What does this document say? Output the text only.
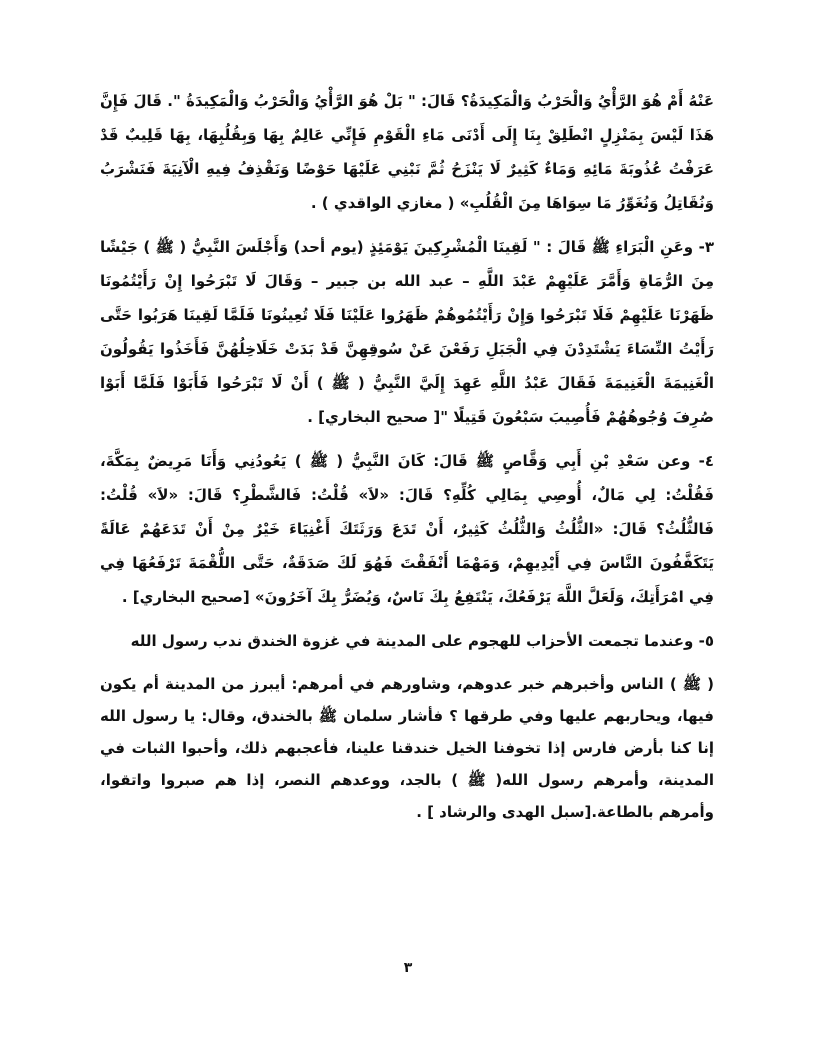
عَنْهُ أَمْ هُوَ الرَّأْيُ وَالْحَرْبُ وَالْمَكِيدَةُ؟ قَالَ: " بَلْ هُوَ الرَّأْيُ وَالْحَرْبُ وَالْمَكِيدَةُ ". قَالَ فَإِنَّ هَذَا لَيْسَ بِمَنْزِلٍ انْطَلِقْ بِنَا إِلَى أَدْنَى مَاءِ الْقَوْمِ فَإِنِّي عَالِمٌ بِهَا وَبِقُلُبِهَا، بِهَا قَلِيبٌ قَدْ عَرَفْتُ عُذُوبَةَ مَائِهِ وَمَاءٌ كَثِيرٌ لَا يَنْزَحُ ثُمَّ نَبْنِي عَلَيْهَا حَوْضًا وَنَقْذِفُ فِيهِ الْآنِيَةَ فَنَشْرَبُ وَنُقَاتِلُ وَنُغَوِّرُ مَا سِوَاهَا مِنَ الْقُلُبِ» ( مغازي الواقدي ) .

٣- وعَنِ الْبَرَاءِ ﷺ قَالَ : " لَقِينَا الْمُشْرِكِينَ يَوْمَئِذٍ (يوم أحد) وَأَجْلَسَ النَّبِيُّ ( ﷺ ) جَيْشًا مِنَ الرُّمَاةِ وَأَمَّرَ عَلَيْهِمْ عَبْدَ اللَّهِ – عبد الله بن جبير – وَقَالَ لَا تَبْرَحُوا إِنْ رَأَيْتُمُونَا ظَهَرْنَا عَلَيْهِمْ فَلَا تَبْرَحُوا وَإِنْ رَأَيْتُمُوهُمْ ظَهَرُوا عَلَيْنَا فَلَا تُعِينُونَا فَلَمَّا لَقِينَا هَرَبُوا حَتَّى رَأَيْتُ النِّسَاءَ يَشْتَدِدْنَ فِي الْجَبَلِ رَفَعْنَ عَنْ سُوقِهِنَّ قَدْ بَدَتْ خَلَاخِلُهُنَّ فَأَخَذُوا يَقُولُونَ الْغَنِيمَةَ الْغَنِيمَةَ فَقَالَ عَبْدُ اللَّهِ عَهِدَ إِلَيَّ النَّبِيُّ ( ﷺ ) أَنْ لَا تَبْرَحُوا فَأَبَوْا فَلَمَّا أَبَوْا صُرِفَ وُجُوهُهُمْ فَأُصِيبَ سَبْعُونَ قَتِيلًا "[ صحيح البخاري] .

٤- وعن سَعْدِ بْنِ أَبِي وَقَّاصٍ ﷺ قَالَ: كَانَ النَّبِيُّ ( ﷺ ) يَعُودُنِي وَأَنَا مَرِيضٌ بِمَكَّةَ، فَقُلْتُ: لِي مَالٌ، أُوصِي بِمَالِي كُلِّهِ؟ قَالَ: «لاَ» قُلْتُ: فَالشَّطْرِ؟ قَالَ: «لاَ» قُلْتُ: فَالثُّلُثُ؟ قَالَ: «الثُّلُثُ وَالثُّلُثُ كَثِيرٌ، أَنْ تَدَعَ وَرَثَتَكَ أَغْنِيَاءَ خَيْرٌ مِنْ أَنْ تَدَعَهُمْ عَالَةً يَتَكَفَّفُونَ النَّاسَ فِي أَيْدِيهِمْ، وَمَهْمَا أَنْفَقْتَ فَهُوَ لَكَ صَدَقَةٌ، حَتَّى اللُّقْمَةَ تَرْفَعُهَا فِي فِي امْرَأَتِكَ، وَلَعَلَّ اللَّهَ يَرْفَعُكَ، يَنْتَفِعُ بِكَ نَاسٌ، وَيُضَرُّ بِكَ آخَرُونَ» [صحيح البخاري] .

٥- وعندما تجمعت الأحزاب للهجوم على المدينة في غزوة الخندق ندب رسول الله

( ﷺ ) الناس وأخبرهم خبر عدوهم، وشاورهم في أمرهم: أيبرز من المدينة أم يكون فيها، ويحاربهم عليها وفي طرقها ؟ فأشار سلمان ﷺ بالخندق، وقال: يا رسول الله إنا كنا بأرض فارس إذا تخوفنا الخيل خندقنا علينا، فأعجبهم ذلك، وأحبوا الثبات في المدينة، وأمرهم رسول الله( ﷺ ) بالجد، ووعدهم النصر، إذا هم صبروا واتقوا، وأمرهم بالطاعة.[سبل الهدى والرشاد ] .

٣
